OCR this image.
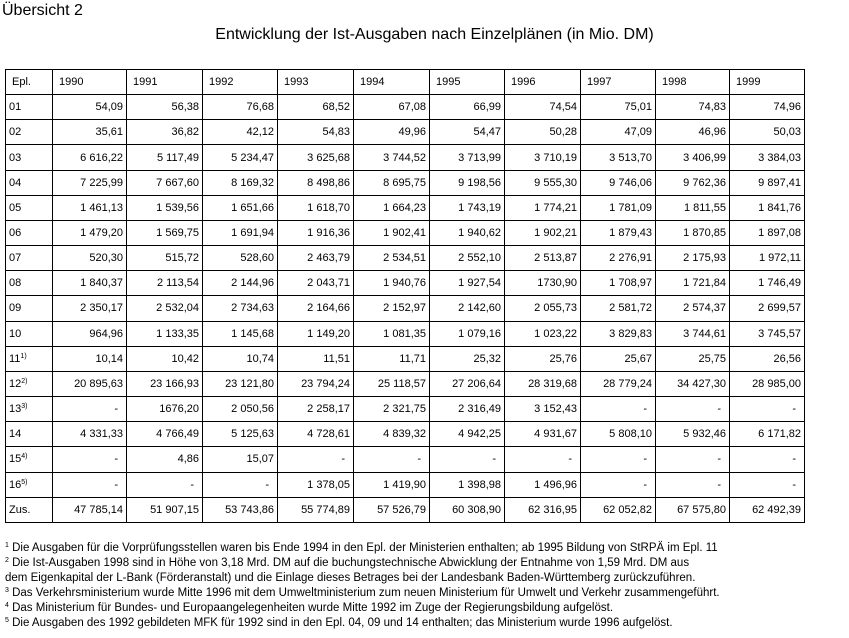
Übersicht 2
Entwicklung der Ist-Ausgaben nach Einzelplänen (in Mio. DM)
Epl.	1990	1991	1992	1993	1994	1995	1996	1997	1998	1999
01	54,09	56,38	76,68	68,52	67,08	66,99	74,54	75,01	74,83	74,96
02	35,61	36,82	42,12	54,83	49,96	54,47	50,28	47,09	46,96	50,03
03	6 616,22	5 117,49	5 234,47	3 625,68	3 744,52	3 713,99	3 710,19	3 513,70	3 406,99	3 384,03
04	7 225,99	7 667,60	8 169,32	8 498,86	8 695,75	9 198,56	9 555,30	9 746,06	9 762,36	9 897,41
05	1 461,13	1 539,56	1 651,66	1 618,70	1 664,23	1 743,19	1 774,21	1 781,09	1 811,55	1 841,76
06	1 479,20	1 569,75	1 691,94	1 916,36	1 902,41	1 940,62	1 902,21	1 879,43	1 870,85	1 897,08
07	520,30	515,72	528,60	2 463,79	2 534,51	2 552,10	2 513,87	2 276,91	2 175,93	1 972,11
08	1 840,37	2 113,54	2 144,96	2 043,71	1 940,76	1 927,54	1730,90	1 708,97	1 721,84	1 746,49
09	2 350,17	2 532,04	2 734,63	2 164,66	2 152,97	2 142,60	2 055,73	2 581,72	2 574,37	2 699,57
10	964,96	1 133,35	1 145,68	1 149,20	1 081,35	1 079,16	1 023,22	3 829,83	3 744,61	3 745,57
11$^{1)}$	10,14	10,42	10,74	11,51	11,71	25,32	25,76	25,67	25,75	26,56
12$^{2)}$	20 895,63	23 166,93	23 121,80	23 794,24	25 118,57	27 206,64	28 319,68	28 779,24	34 427,30	28 985,00
13$^{3)}$	-	1676,20	2 050,56	2 258,17	2 321,75	2 316,49	3 152,43	-	-	-
14	4 331,33	4 766,49	5 125,63	4 728,61	4 839,32	4 942,25	4 931,67	5 808,10	5 932,46	6 171,82
15$^{4)}$	-	4,86	15,07	-	-	-	-	-	-	-
16$^{5)}$	-	-	-	1 378,05	1 419,90	1 398,98	1 496,96	-	-	-
Zus.	47 785,14	51 907,15	53 743,86	55 774,89	57 526,79	60 308,90	62 316,95	62 052,82	67 575,80	62 492,39
$^1$ Die Ausgaben für die Vorprüfungsstellen waren bis Ende 1994 in den Epl. der Ministerien enthalten; ab 1995 Bildung von StRPÄ im Epl. 11
$^2$ Die Ist-Ausgaben 1998 sind in Höhe von 3,18 Mrd. DM auf die buchungstechnische Abwicklung der Entnahme von 1,59 Mrd. DM aus
dem Eigenkapital der L-Bank (Förderanstalt) und die Einlage dieses Betrages bei der Landesbank Baden-Württemberg zurückzuführen.
$^3$ Das Verkehrsministerium wurde Mitte 1996 mit dem Umweltministerium zum neuen Ministerium für Umwelt und Verkehr zusammengeführt.
$^4$ Das Ministerium für Bundes- und Europaangelegenheiten wurde Mitte 1992 im Zuge der Regierungsbildung aufgelöst.
$^5$ Die Ausgaben des 1992 gebildeten MFK für 1992 sind in den Epl. 04, 09 und 14 enthalten; das Ministerium wurde 1996 aufgelöst.
